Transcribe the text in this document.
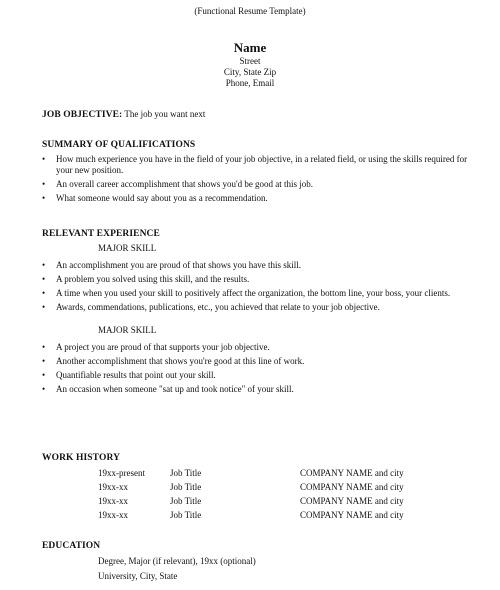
(Functional Resume Template)
Name
Street
City, State Zip
Phone, Email
JOB OBJECTIVE: The job you want next
SUMMARY OF QUALIFICATIONS
• How much experience you have in the field of your job objective, in a related field, or using the skills required for your new position.
• An overall career accomplishment that shows you'd be good at this job.
• What someone would say about you as a recommendation.
RELEVANT EXPERIENCE
MAJOR SKILL
• An accomplishment you are proud of that shows you have this skill.
• A problem you solved using this skill, and the results.
• A time when you used your skill to positively affect the organization, the bottom line, your boss, your clients.
• Awards, commendations, publications, etc., you achieved that relate to your job objective.
MAJOR SKILL
• A project you are proud of that supports your job objective.
• Another accomplishment that shows you're good at this line of work.
• Quantifiable results that point out your skill.
• An occasion when someone "sat up and took notice" of your skill.
WORK HISTORY
19xx-present	Job Title	COMPANY NAME and city
19xx-xx	Job Title	COMPANY NAME and city
19xx-xx	Job Title	COMPANY NAME and city
19xx-xx	Job Title	COMPANY NAME and city
EDUCATION
Degree, Major (if relevant), 19xx (optional)
University, City, State
